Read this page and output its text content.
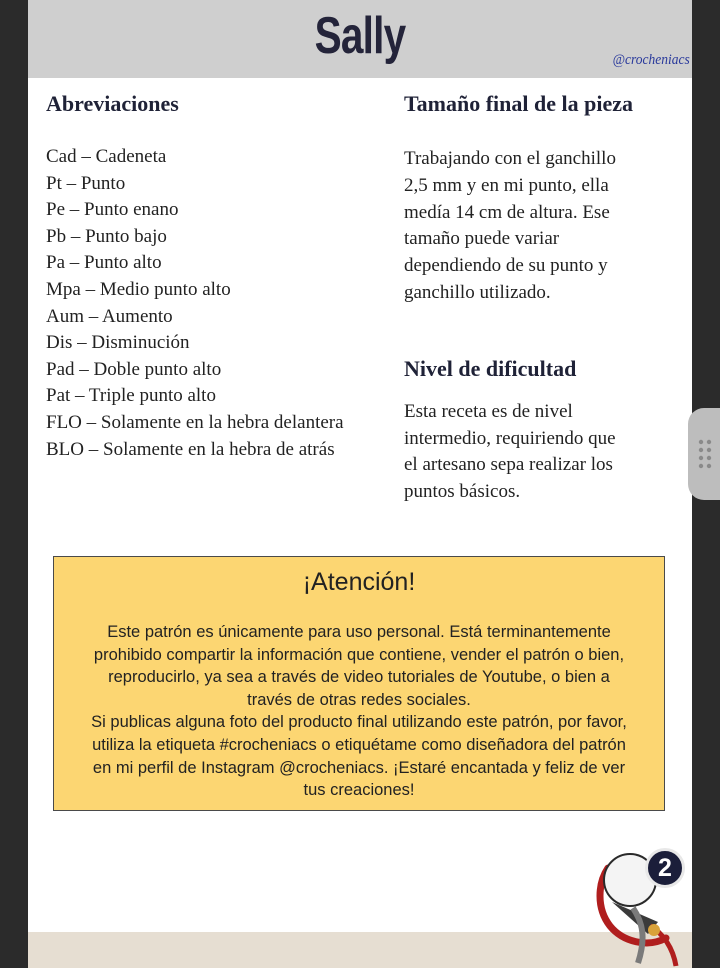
Sally	@crocheniacs
Abreviaciones
Cad – Cadeneta
Pt – Punto
Pe – Punto enano
Pb – Punto bajo
Pa – Punto alto
Mpa – Medio punto alto
Aum – Aumento
Dis – Disminución
Pad – Doble punto alto
Pat – Triple punto alto
FLO – Solamente en la hebra delantera
BLO – Solamente en la hebra de atrás
Tamaño final de la pieza
Trabajando con el ganchillo
2,5 mm y en mi punto, ella
medía 14 cm de altura. Ese
tamaño puede variar
dependiendo de su punto y
ganchillo utilizado.
Nivel de dificultad
Esta receta es de nivel
intermedio, requiriendo que
el artesano sepa realizar los
puntos básicos.
¡Atención!
Este patrón es únicamente para uso personal. Está terminantemente
prohibido compartir la información que contiene, vender el patrón o bien,
reproducirlo, ya sea a través de video tutoriales de Youtube, o bien a
través de otras redes sociales.
Si publicas alguna foto del producto final utilizando este patrón, por favor,
utiliza la etiqueta #crocheniacs o etiquétame como diseñadora del patrón
en mi perfil de Instagram @crocheniacs. ¡Estaré encantada y feliz de ver
tus creaciones!
2
